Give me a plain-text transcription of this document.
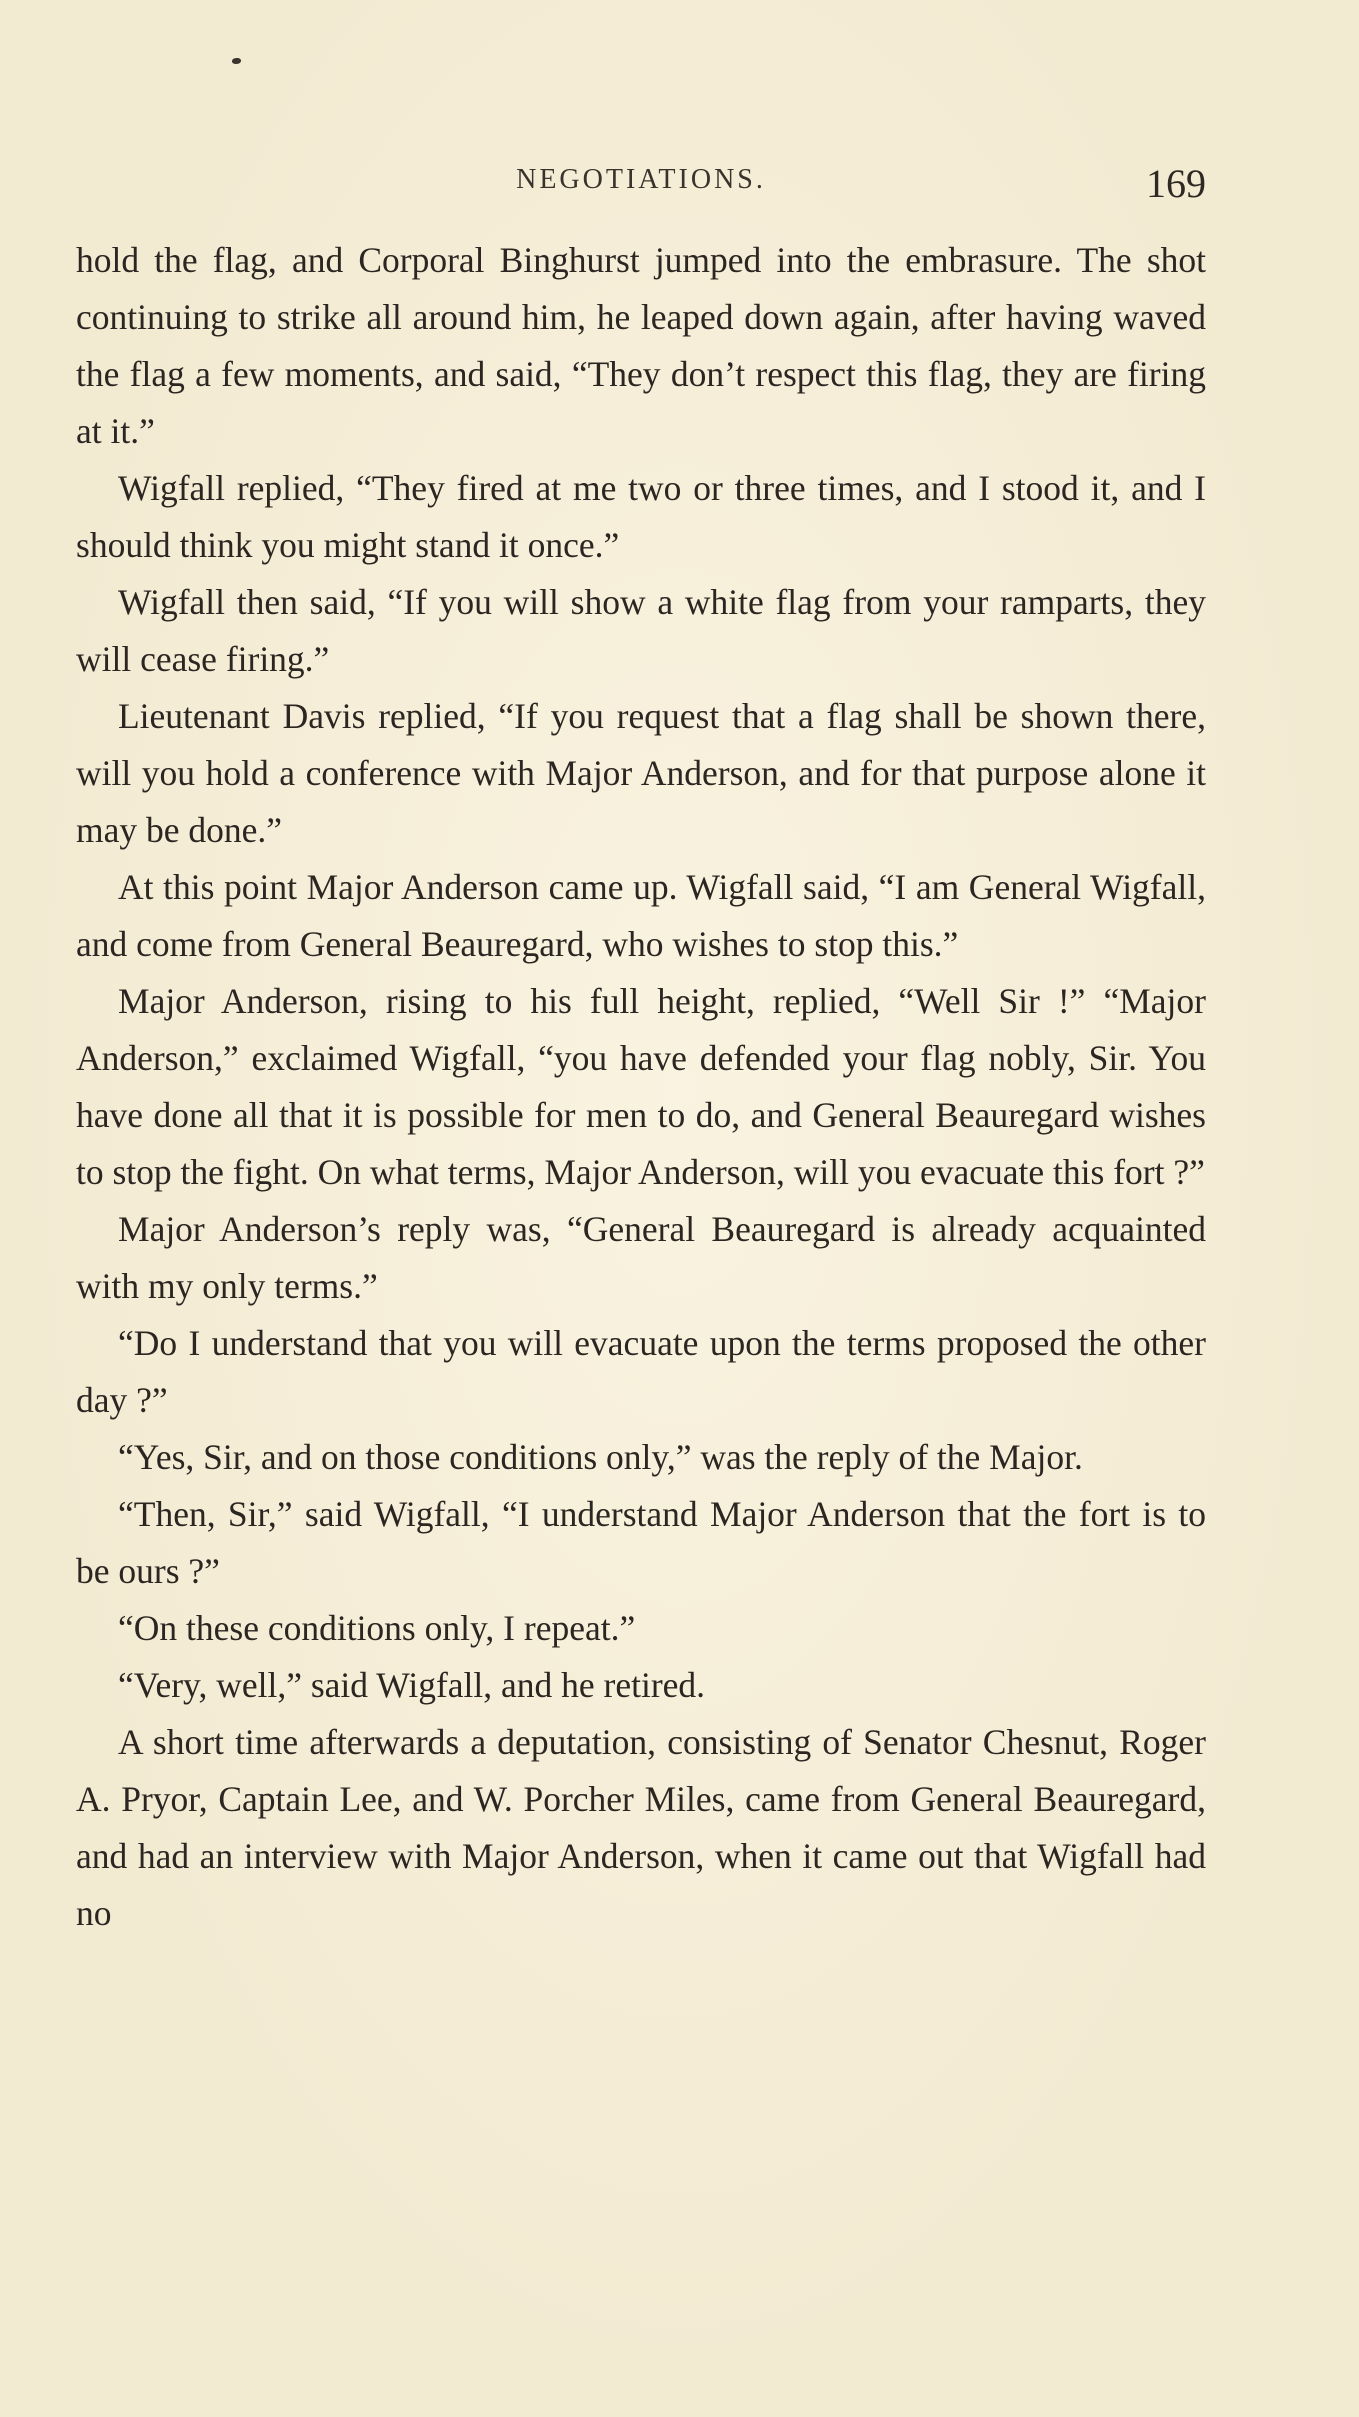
NEGOTIATIONS.	169

hold the flag, and Corporal Binghurst jumped into the embrasure. The shot continuing to strike all around him, he leaped down again, after having waved the flag a few moments, and said, “They don’t respect this flag, they are firing at it.”

Wigfall replied, “They fired at me two or three times, and I stood it, and I should think you might stand it once.”

Wigfall then said, “If you will show a white flag from your ramparts, they will cease firing.”

Lieutenant Davis replied, “If you request that a flag shall be shown there, will you hold a conference with Major Anderson, and for that purpose alone it may be done.”

At this point Major Anderson came up. Wigfall said, “I am General Wigfall, and come from General Beauregard, who wishes to stop this.”

Major Anderson, rising to his full height, replied, “Well Sir !” “Major Anderson,” exclaimed Wigfall, “you have defended your flag nobly, Sir. You have done all that it is possible for men to do, and General Beauregard wishes to stop the fight. On what terms, Major Anderson, will you evacuate this fort ?”

Major Anderson’s reply was, “General Beauregard is already acquainted with my only terms.”

“Do I understand that you will evacuate upon the terms proposed the other day ?”

“Yes, Sir, and on those conditions only,” was the reply of the Major.

“Then, Sir,” said Wigfall, “I understand Major Anderson that the fort is to be ours ?”

“On these conditions only, I repeat.”

“Very, well,” said Wigfall, and he retired.

A short time afterwards a deputation, consisting of Senator Chesnut, Roger A. Pryor, Captain Lee, and W. Porcher Miles, came from General Beauregard, and had an interview with Major Anderson, when it came out that Wigfall had no
